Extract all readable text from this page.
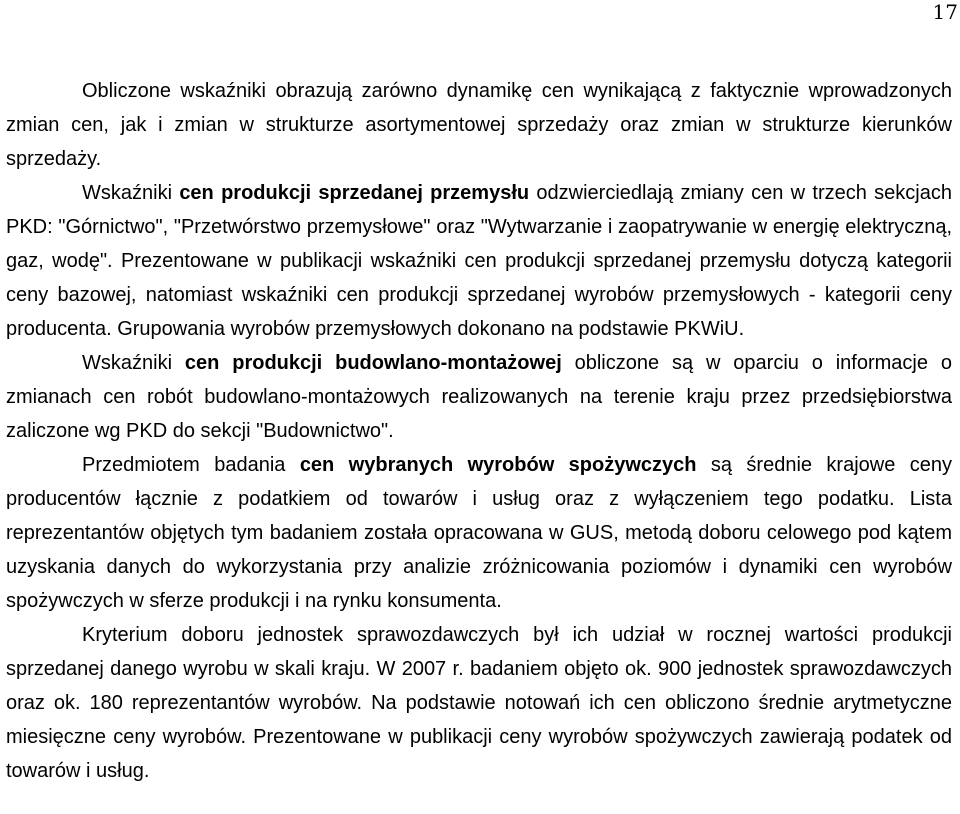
17

Obliczone wskaźniki obrazują zarówno dynamikę cen wynikającą z faktycznie wprowadzonych zmian cen, jak i zmian w strukturze asortymentowej sprzedaży oraz zmian w strukturze kierunków sprzedaży.

Wskaźniki cen produkcji sprzedanej przemysłu odzwierciedlają zmiany cen w trzech sekcjach PKD: "Górnictwo", "Przetwórstwo przemysłowe" oraz "Wytwarzanie i zaopatrywanie w energię elektryczną, gaz, wodę". Prezentowane w publikacji wskaźniki cen produkcji sprzedanej przemysłu dotyczą kategorii ceny bazowej, natomiast wskaźniki cen produkcji sprzedanej wyrobów przemysłowych - kategorii ceny producenta. Grupowania wyrobów przemysłowych dokonano na podstawie PKWiU.

Wskaźniki cen produkcji budowlano-montażowej obliczone są w oparciu o informacje o zmianach cen robót budowlano-montażowych realizowanych na terenie kraju przez przedsiębiorstwa zaliczone wg PKD do sekcji "Budownictwo".

Przedmiotem badania cen wybranych wyrobów spożywczych są średnie krajowe ceny producentów łącznie z podatkiem od towarów i usług oraz z wyłączeniem tego podatku. Lista reprezentantów objętych tym badaniem została opracowana w GUS, metodą doboru celowego pod kątem uzyskania danych do wykorzystania przy analizie zróżnicowania poziomów i dynamiki cen wyrobów spożywczych w sferze produkcji i na rynku konsumenta.

Kryterium doboru jednostek sprawozdawczych był ich udział w rocznej wartości produkcji sprzedanej danego wyrobu w skali kraju. W 2007 r. badaniem objęto ok. 900 jednostek sprawozdawczych oraz ok. 180 reprezentantów wyrobów. Na podstawie notowań ich cen obliczono średnie arytmetyczne miesięczne ceny wyrobów. Prezentowane w publikacji ceny wyrobów spożywczych zawierają podatek od towarów i usług.
